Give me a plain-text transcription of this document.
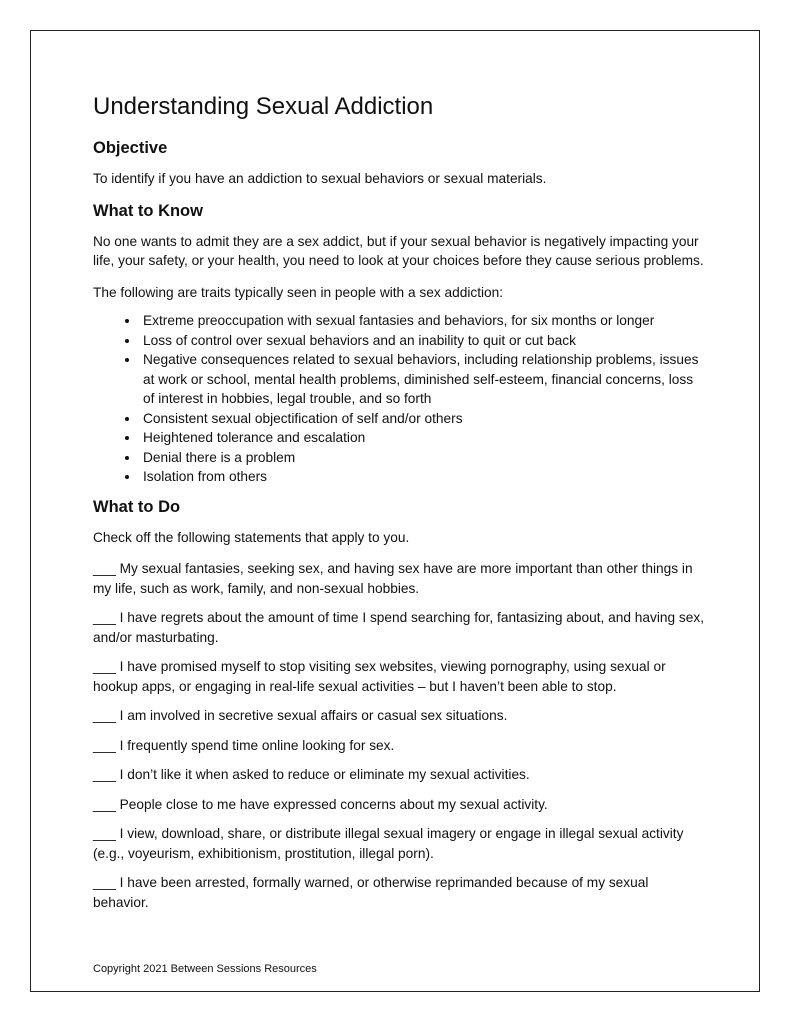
Understanding Sexual Addiction
Objective

To identify if you have an addiction to sexual behaviors or sexual materials.

What to Know

No one wants to admit they are a sex addict, but if your sexual behavior is negatively impacting your life, your safety, or your health, you need to look at your choices before they cause serious problems.

The following are traits typically seen in people with a sex addiction:

• Extreme preoccupation with sexual fantasies and behaviors, for six months or longer
• Loss of control over sexual behaviors and an inability to quit or cut back
• Negative consequences related to sexual behaviors, including relationship problems, issues at work or school, mental health problems, diminished self-esteem, financial concerns, loss of interest in hobbies, legal trouble, and so forth
• Consistent sexual objectification of self and/or others
• Heightened tolerance and escalation
• Denial there is a problem
• Isolation from others
What to Do

Check off the following statements that apply to you.

___ My sexual fantasies, seeking sex, and having sex have are more important than other things in my life, such as work, family, and non-sexual hobbies.

___ I have regrets about the amount of time I spend searching for, fantasizing about, and having sex, and/or masturbating.

___ I have promised myself to stop visiting sex websites, viewing pornography, using sexual or hookup apps, or engaging in real-life sexual activities – but I haven’t been able to stop.

___ I am involved in secretive sexual affairs or casual sex situations.

___ I frequently spend time online looking for sex.

___ I don’t like it when asked to reduce or eliminate my sexual activities.

___ People close to me have expressed concerns about my sexual activity.

___ I view, download, share, or distribute illegal sexual imagery or engage in illegal sexual activity (e.g., voyeurism, exhibitionism, prostitution, illegal porn).

___ I have been arrested, formally warned, or otherwise reprimanded because of my sexual behavior.

Copyright 2021 Between Sessions Resources
